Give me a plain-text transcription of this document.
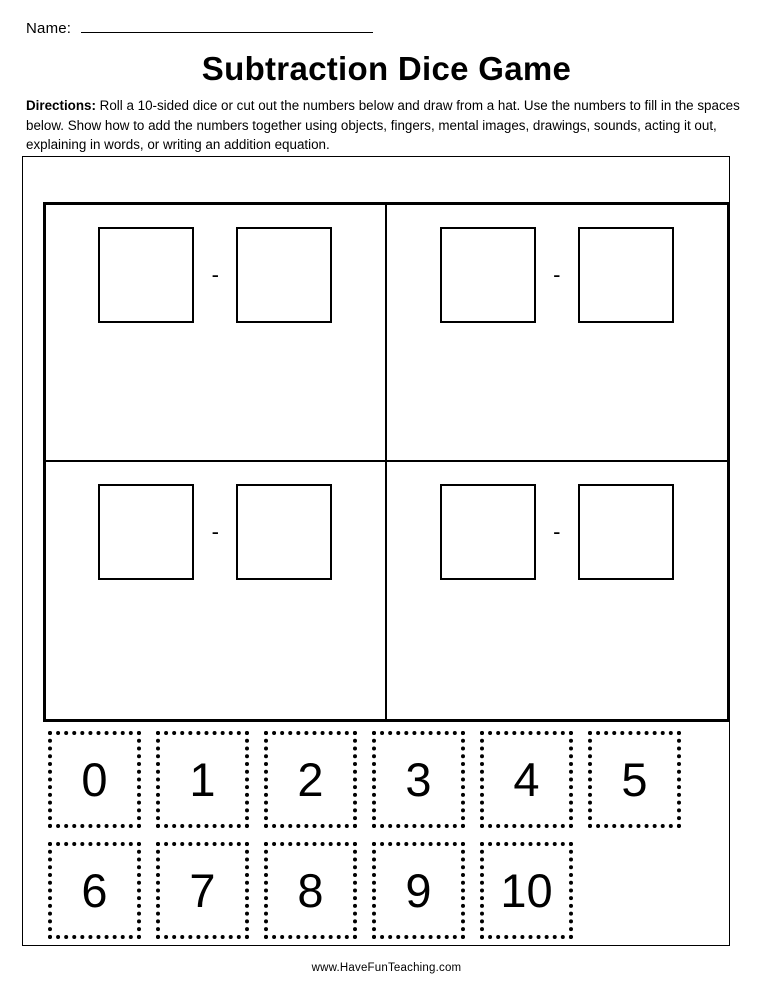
Name:
Subtraction Dice Game
Directions: Roll a 10-sided dice or cut out the numbers below and draw from a hat. Use the numbers to fill in the spaces below. Show how to add the numbers together using objects, fingers, mental images, drawings, sounds, acting it out, explaining in words, or writing an addition equation.
-	-
-	-
0	1	2	3	4	5
6	7	8	9	10
www.HaveFunTeaching.com
